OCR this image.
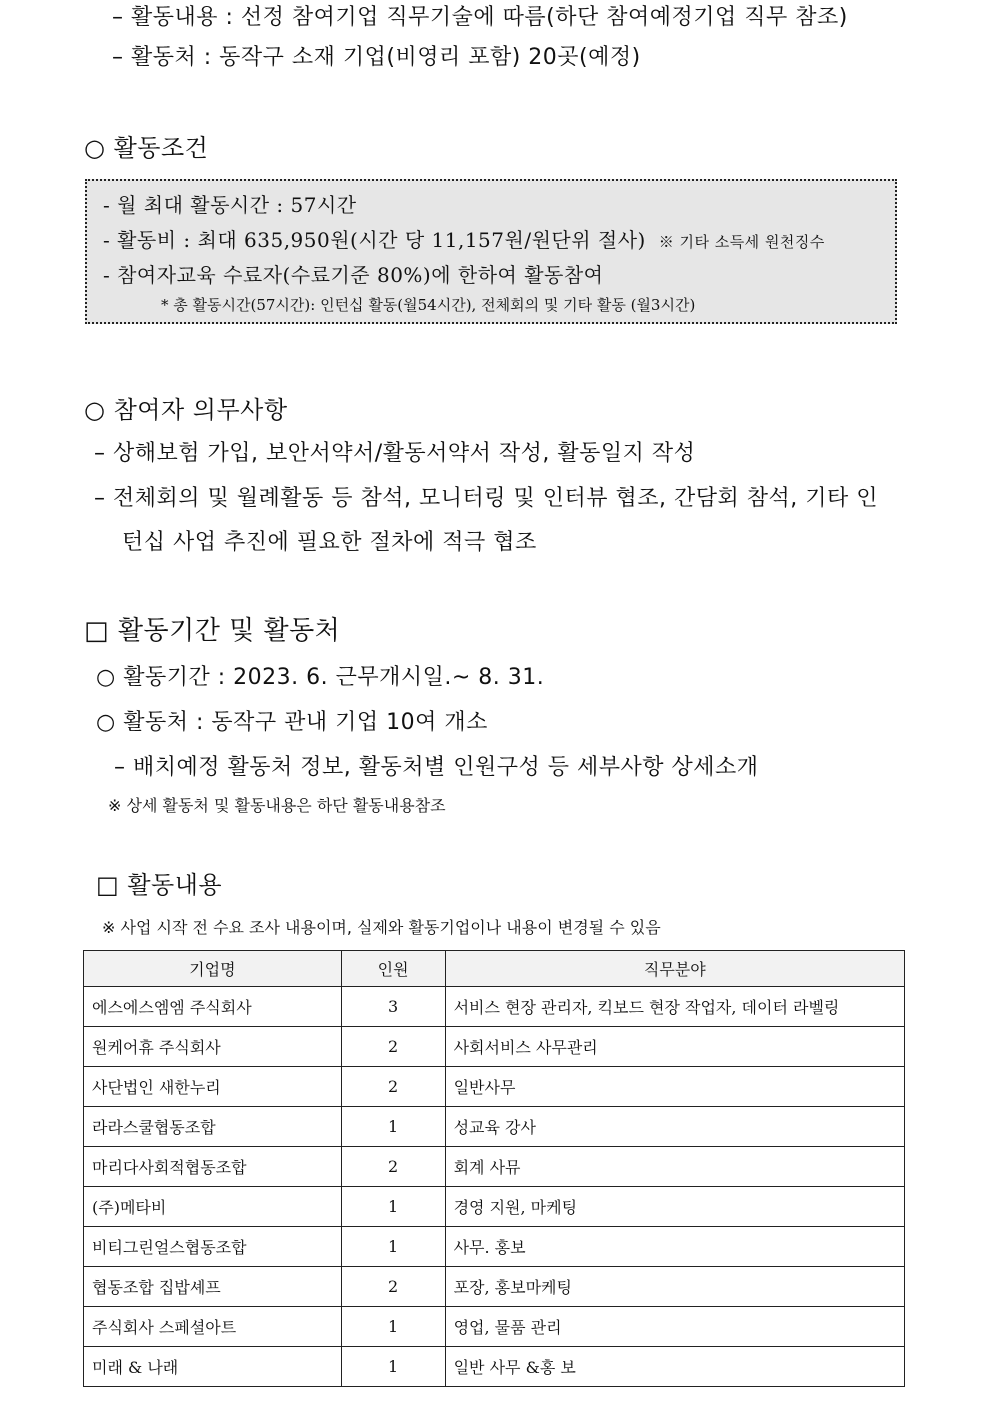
– 활동내용 : 선정 참여기업 직무기술에 따름(하단 참여예정기업 직무 참조)
– 활동처 : 동작구 소재 기업(비영리 포함) 20곳(예정)
○ 활동조건
- 월 최대 활동시간 : 57시간
- 활동비 : 최대 635,950원(시간 당 11,157원/원단위 절사) ※ 기타 소득세 원천징수
- 참여자교육 수료자(수료기준 80%)에 한하여 활동참여
* 총 활동시간(57시간): 인턴십 활동(월54시간), 전체회의 및 기타 활동 (월3시간)
○ 참여자 의무사항
– 상해보험 가입, 보안서약서/활동서약서 작성, 활동일지 작성
– 전체회의 및 월례활동 등 참석, 모니터링 및 인터뷰 협조, 간담회 참석, 기타 인
턴십 사업 추진에 필요한 절차에 적극 협조
□ 활동기간 및 활동처
○ 활동기간 : 2023. 6. 근무개시일.~ 8. 31.
○ 활동처 : 동작구 관내 기업 10여 개소
– 배치예정 활동처 정보, 활동처별 인원구성 등 세부사항 상세소개
※ 상세 활동처 및 활동내용은 하단 활동내용참조
□ 활동내용
※ 사업 시작 전 수요 조사 내용이며, 실제와 활동기업이나 내용이 변경될 수 있음
기업명	인원	직무분야
에스에스엠엠 주식회사	3	서비스 현장 관리자, 킥보드 현장 작업자, 데이터 라벨링
원케어휴 주식회사	2	사회서비스 사무관리
사단법인 새한누리	2	일반사무
라라스쿨협동조합	1	성교육 강사
마리다사회적협동조합	2	회계 사뮤
(주)메타비	1	경영 지원, 마케팅
비티그린얼스협동조합	1	사무. 홍보
협동조합 집밥셰프	2	포장, 홍보마케팅
주식회사 스페셜아트	1	영업, 물품 관리
미래 & 나래	1	일반 사무 &홍 보
